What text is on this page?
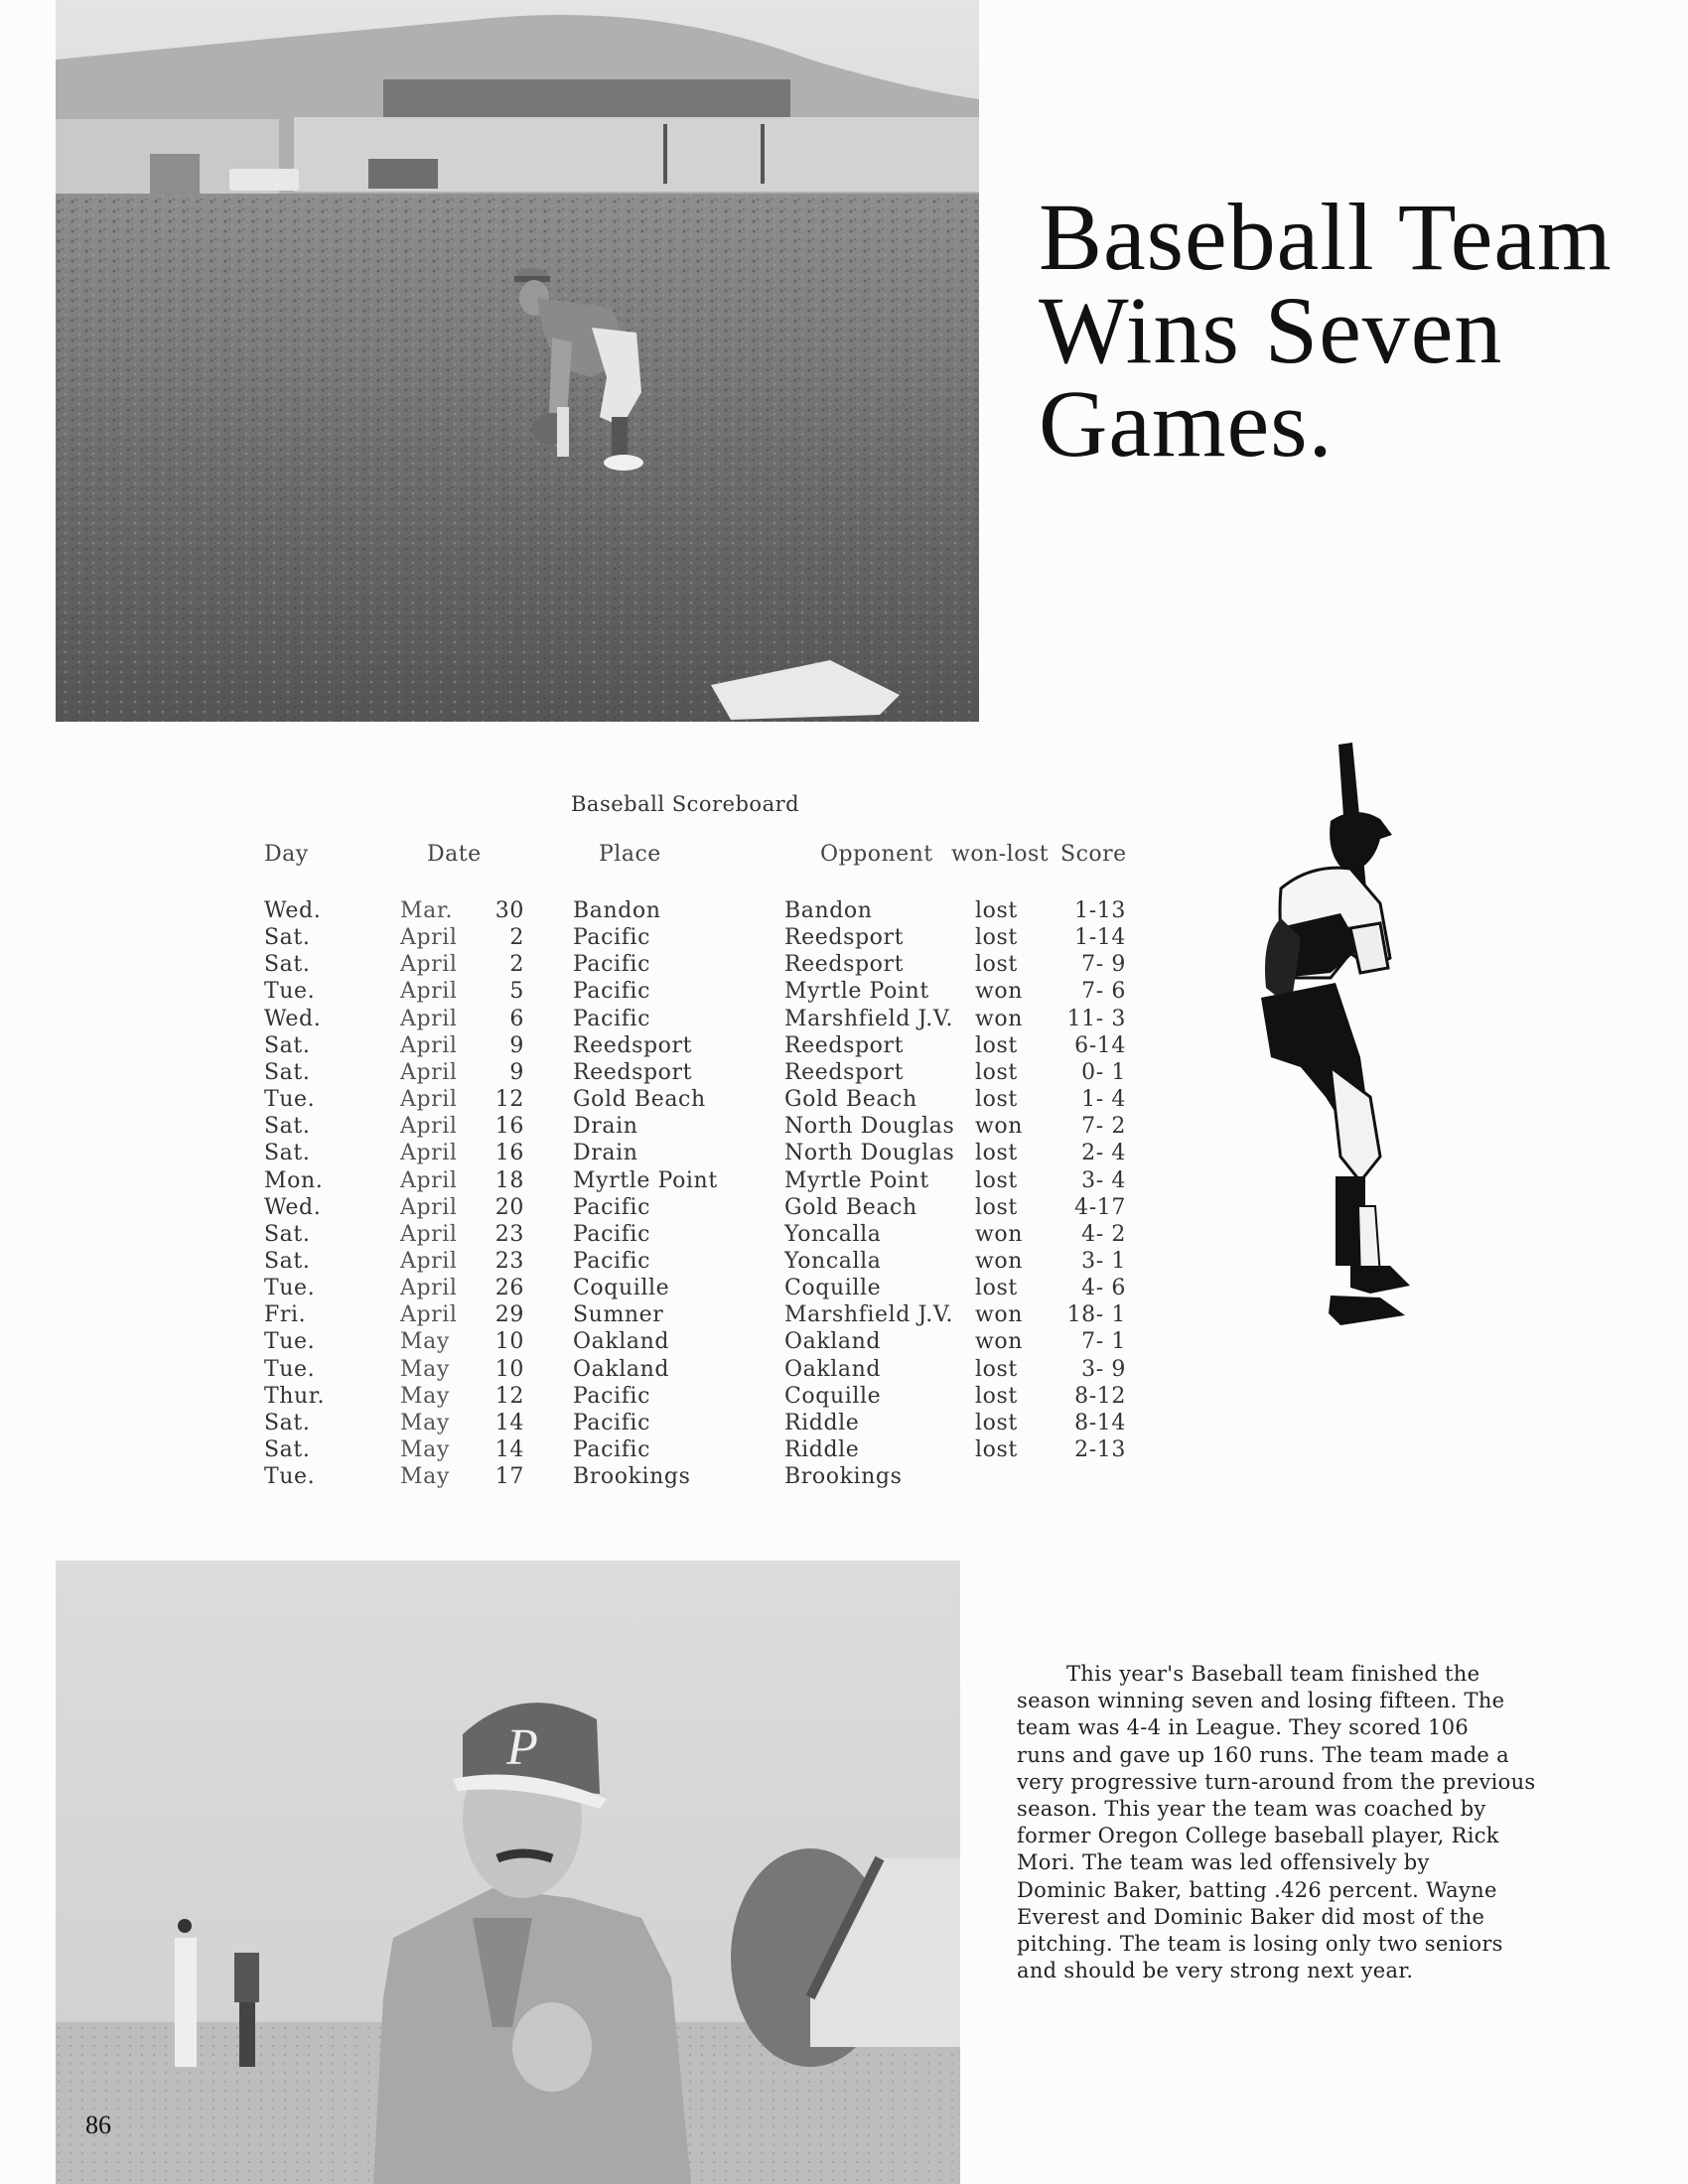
Baseball Team
Wins Seven
Games.
Baseball Scoreboard
Day	Date	Place	Opponent won-lost Score
Wed.	Mar.	30 Bandon	Bandon	lost	1-13
Sat.	April	2 Pacific	Reedsport	lost	1-14
Sat.	April	2 Pacific	Reedsport	lost	7- 9
Tue.	April	5 Pacific	Myrtle Point won	7- 6
Wed.	April	6 Pacific	Marshfield J.V. won	11- 3
Sat.	April	9 Reedsport	Reedsport	lost	6-14
Sat.	April	9 Reedsport	Reedsport	lost	0- 1
Tue.	April	12 Gold Beach	Gold Beach	lost	1- 4
Sat.	April	16 Drain	North Douglas won	7- 2
Sat.	April	16 Drain	North Douglas lost	2- 4
Mon.	April	18 Myrtle Point	Myrtle Point lost	3- 4
Wed.	April	20 Pacific	Gold Beach	lost	4-17
Sat.	April	23 Pacific	Yoncalla	won	4- 2
Sat.	April	23 Pacific	Yoncalla	won	3- 1
Tue.	April	26 Coquille	Coquille	lost	4- 6
Fri.	April	29 Sumner	Marshfield J.V. won	18- 1
Tue.	May	10 Oakland	Oakland	won	7- 1
Tue.	May	10 Oakland	Oakland	lost	3- 9
Thur.	May	12 Pacific	Coquille	lost	8-12
Sat.	May	14 Pacific	Riddle	lost	8-14
Sat.	May	14 Pacific	Riddle	lost	2-13
Tue.	May	17 Brookings	Brookings
P
86
This year's Baseball team finished the
season winning seven and losing fifteen. The
team was 4-4 in League. They scored 106
runs and gave up 160 runs. The team made a
very progressive turn-around from the previous
season. This year the team was coached by
former Oregon College baseball player, Rick
Mori. The team was led offensively by
Dominic Baker, batting .426 percent. Wayne
Everest and Dominic Baker did most of the
pitching. The team is losing only two seniors
and should be very strong next year.
